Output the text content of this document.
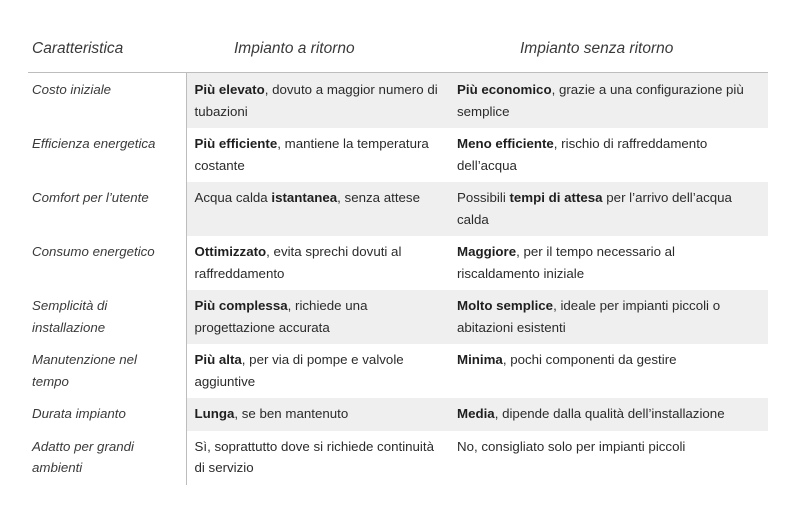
Caratteristica	Impianto a ritorno	Impianto senza ritorno
Costo iniziale	Più elevato, dovuto a maggior numero di tubazioni	Più economico, grazie a una configurazione più semplice
Efficienza energetica	Più efficiente, mantiene la temperatura costante	Meno efficiente, rischio di raffreddamento dell’acqua
Comfort per l’utente	Acqua calda istantanea, senza attese	Possibili tempi di attesa per l’arrivo dell’acqua calda
Consumo energetico	Ottimizzato, evita sprechi dovuti al raffreddamento	Maggiore, per il tempo necessario al riscaldamento iniziale
Semplicità di installazione	Più complessa, richiede una progettazione accurata	Molto semplice, ideale per impianti piccoli o abitazioni esistenti
Manutenzione nel tempo	Più alta, per via di pompe e valvole aggiuntive	Minima, pochi componenti da gestire
Durata impianto	Lunga, se ben mantenuto	Media, dipende dalla qualità dell’installazione
Adatto per grandi ambienti	Sì, soprattutto dove si richiede continuità di servizio	No, consigliato solo per impianti piccoli
